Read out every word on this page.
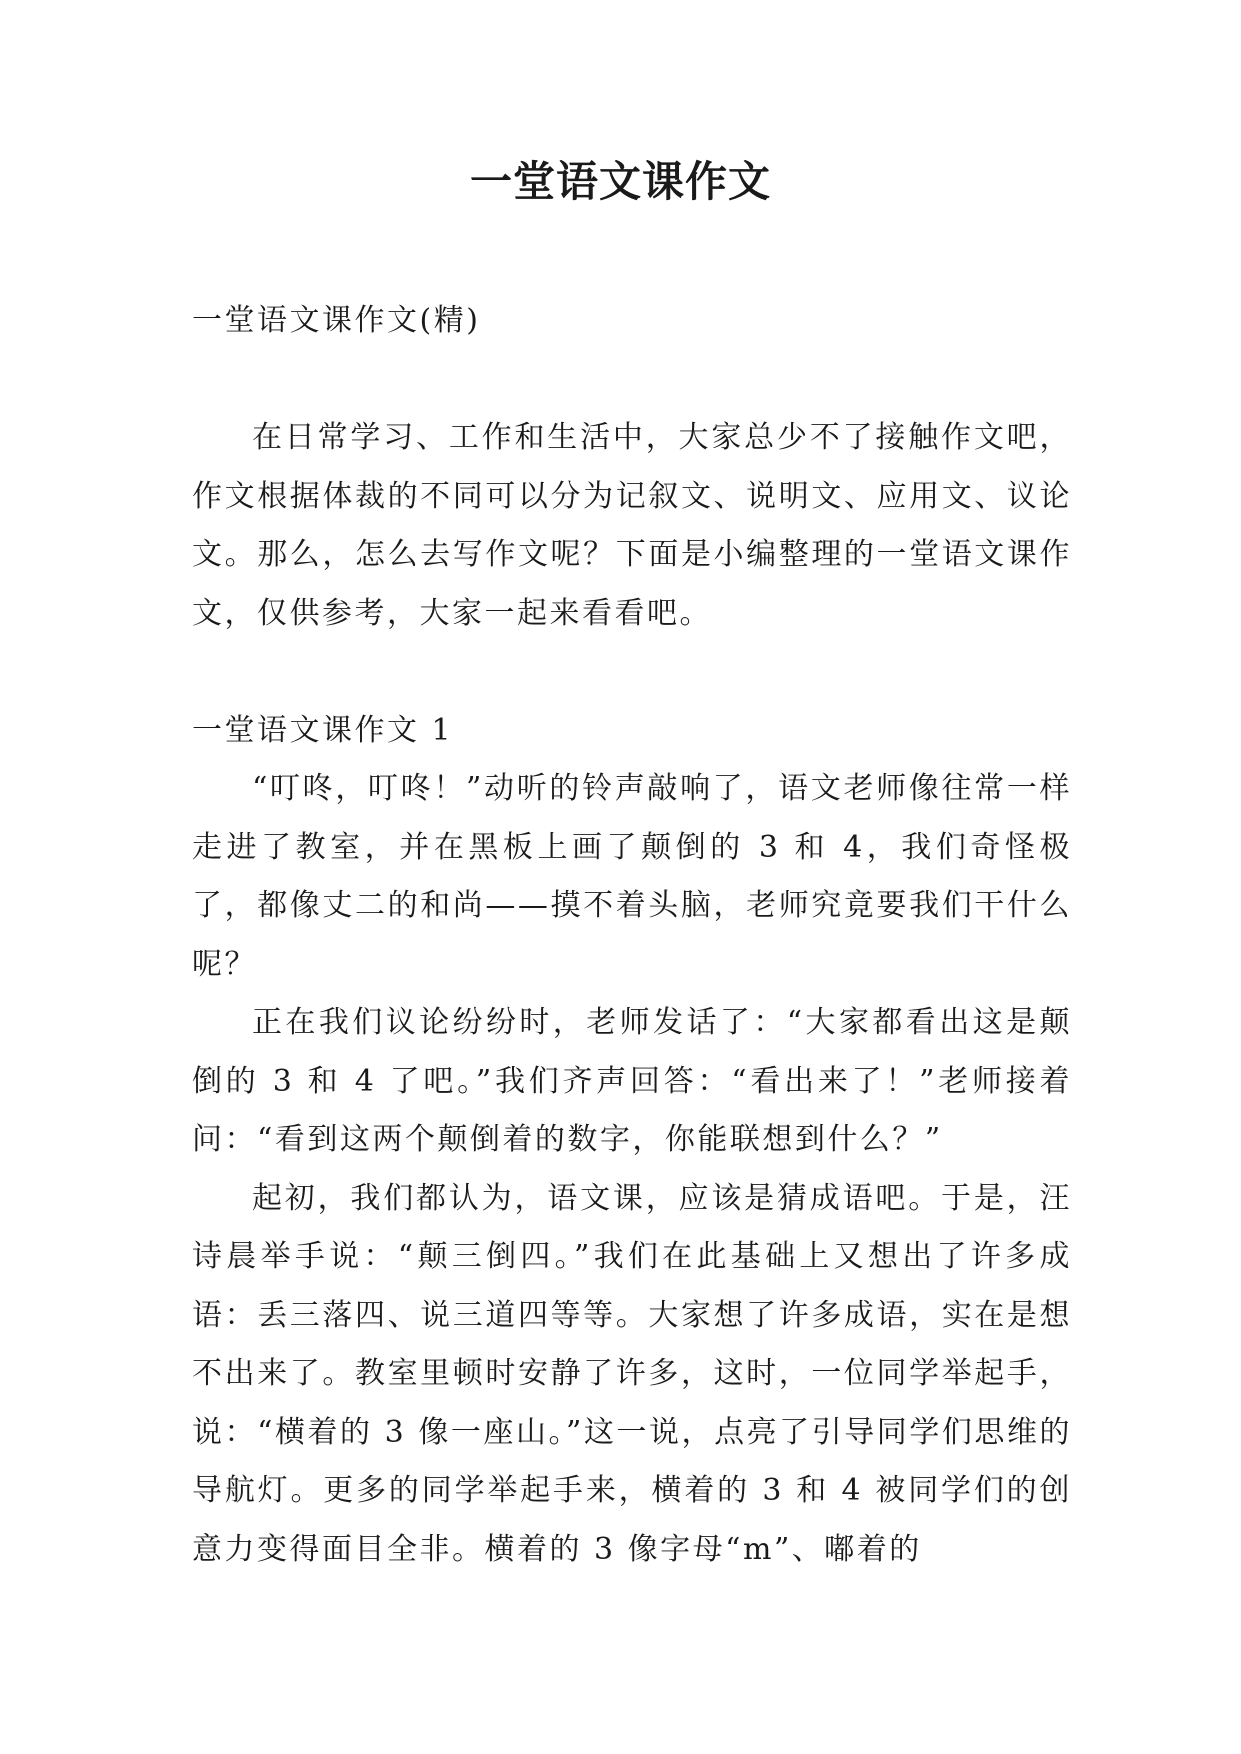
一堂语文课作文

一堂语文课作文(精)

在日常学习、工作和生活中，大家总少不了接触作文吧，作文根据体裁的不同可以分为记叙文、说明文、应用文、议论文。那么，怎么去写作文呢？下面是小编整理的一堂语文课作文，仅供参考，大家一起来看看吧。

一堂语文课作文 1

“叮咚，叮咚！”动听的铃声敲响了，语文老师像往常一样走进了教室，并在黑板上画了颠倒的 3 和 4，我们奇怪极了，都像丈二的和尚——摸不着头脑，老师究竟要我们干什么呢？

正在我们议论纷纷时，老师发话了：“大家都看出这是颠倒的 3 和 4 了吧。”我们齐声回答：“看出来了！”老师接着问：“看到这两个颠倒着的数字，你能联想到什么？”

起初，我们都认为，语文课，应该是猜成语吧。于是，汪诗晨举手说：“颠三倒四。”我们在此基础上又想出了许多成语：丢三落四、说三道四等等。大家想了许多成语，实在是想不出来了。教室里顿时安静了许多，这时，一位同学举起手，说：“横着的 3 像一座山。”这一说，点亮了引导同学们思维的导航灯。更多的同学举起手来，横着的 3 和 4 被同学们的创意力变得面目全非。横着的 3 像字母“m”、嘟着的
